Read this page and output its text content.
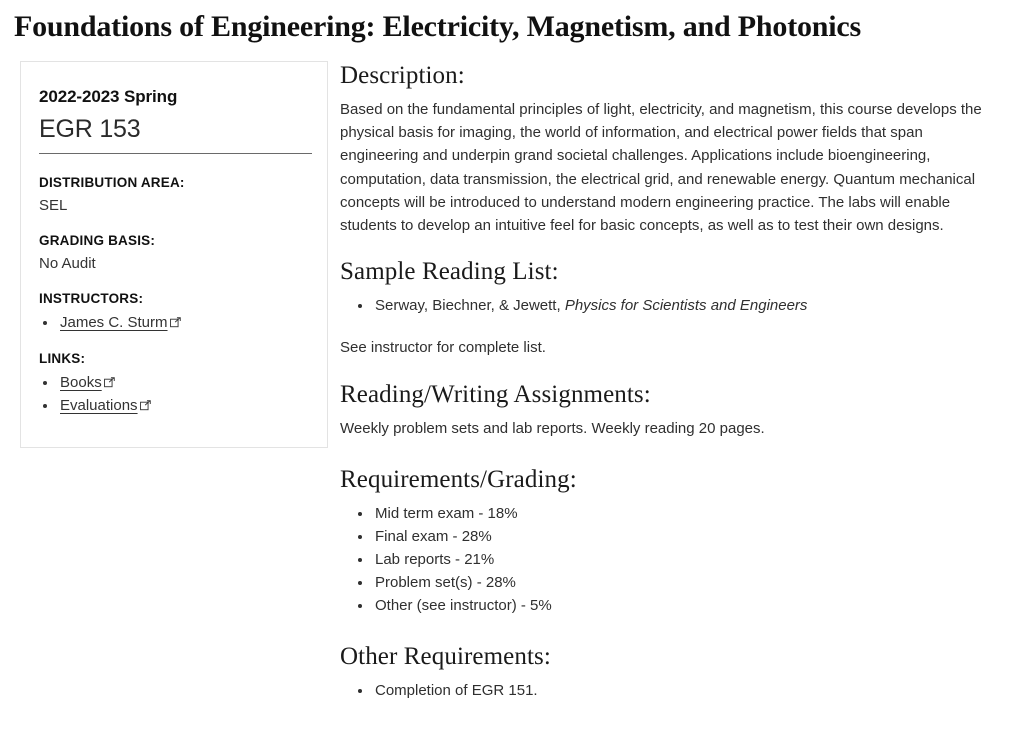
Foundations of Engineering: Electricity, Magnetism, and Photonics

2022-2023 Spring

EGR 153

DISTRIBUTION AREA:

SEL

GRADING BASIS:

No Audit

INSTRUCTORS:

• James C. Sturm

LINKS:

• Books
• Evaluations
Description:

Based on the fundamental principles of light, electricity, and magnetism, this course develops the physical basis for imaging, the world of information, and electrical power fields that span engineering and underpin grand societal challenges. Applications include bioengineering, computation, data transmission, the electrical grid, and renewable energy. Quantum mechanical concepts will be introduced to understand modern engineering practice. The labs will enable students to develop an intuitive feel for basic concepts, as well as to test their own designs.

Sample Reading List:
• Serway, Biechner, & Jewett, Physics for Scientists and Engineers

See instructor for complete list.

Reading/Writing Assignments:

Weekly problem sets and lab reports. Weekly reading 20 pages.

Requirements/Grading:
• Mid term exam - 18%
• Final exam - 28%
• Lab reports - 21%
• Problem set(s) - 28%
• Other (see instructor) - 5%
Other Requirements:
• Completion of EGR 151.
